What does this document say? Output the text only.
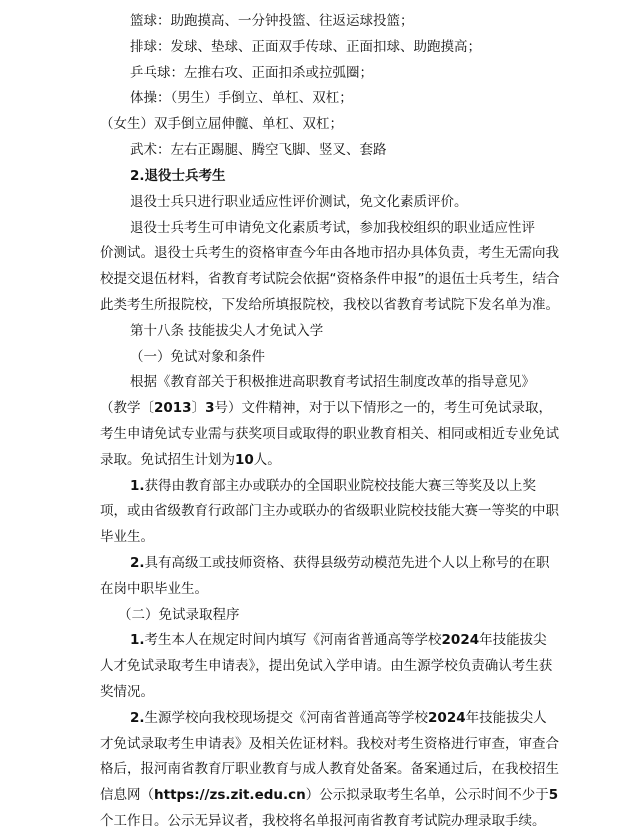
篮球：助跑摸高、一分钟投篮、往返运球投篮；
排球：发球、垫球、正面双手传球、正面扣球、助跑摸高；
乒乓球：左推右攻、正面扣杀或拉弧圈；
体操：（男生）手倒立、单杠、双杠；
（女生）双手倒立屈伸髋、单杠、双杠；
武术：左右正踢腿、腾空飞脚、竖叉、套路
2.退役士兵考生
退役士兵只进行职业适应性评价测试，免文化素质评价。
退役士兵考生可申请免文化素质考试，参加我校组织的职业适应性评
价测试。退役士兵考生的资格审查今年由各地市招办具体负责，考生无需向我
校提交退伍材料，省教育考试院会依据“资格条件申报”的退伍士兵考生，结合
此类考生所报院校，下发给所填报院校，我校以省教育考试院下发名单为准。
第十八条 技能拔尖人才免试入学
（一）免试对象和条件
根据《教育部关于积极推进高职教育考试招生制度改革的指导意见》
（教学〔2013〕3号）文件精神，对于以下情形之一的，考生可免试录取，
考生申请免试专业需与获奖项目或取得的职业教育相关、相同或相近专业免试
录取。免试招生计划为10人。
1.获得由教育部主办或联办的全国职业院校技能大赛三等奖及以上奖
项，或由省级教育行政部门主办或联办的省级职业院校技能大赛一等奖的中职
毕业生。
2.具有高级工或技师资格、获得县级劳动模范先进个人以上称号的在职
在岗中职毕业生。
（二）免试录取程序
1.考生本人在规定时间内填写《河南省普通高等学校2024年技能拔尖
人才免试录取考生申请表》，提出免试入学申请。由生源学校负责确认考生获
奖情况。
2.生源学校向我校现场提交《河南省普通高等学校2024年技能拔尖人
才免试录取考生申请表》及相关佐证材料。我校对考生资格进行审查，审查合
格后，报河南省教育厅职业教育与成人教育处备案。备案通过后，在我校招生
信息网（https://zs.zit.edu.cn）公示拟录取考生名单，公示时间不少于5
个工作日。公示无异议者，我校将名单报河南省教育考试院办理录取手续。
